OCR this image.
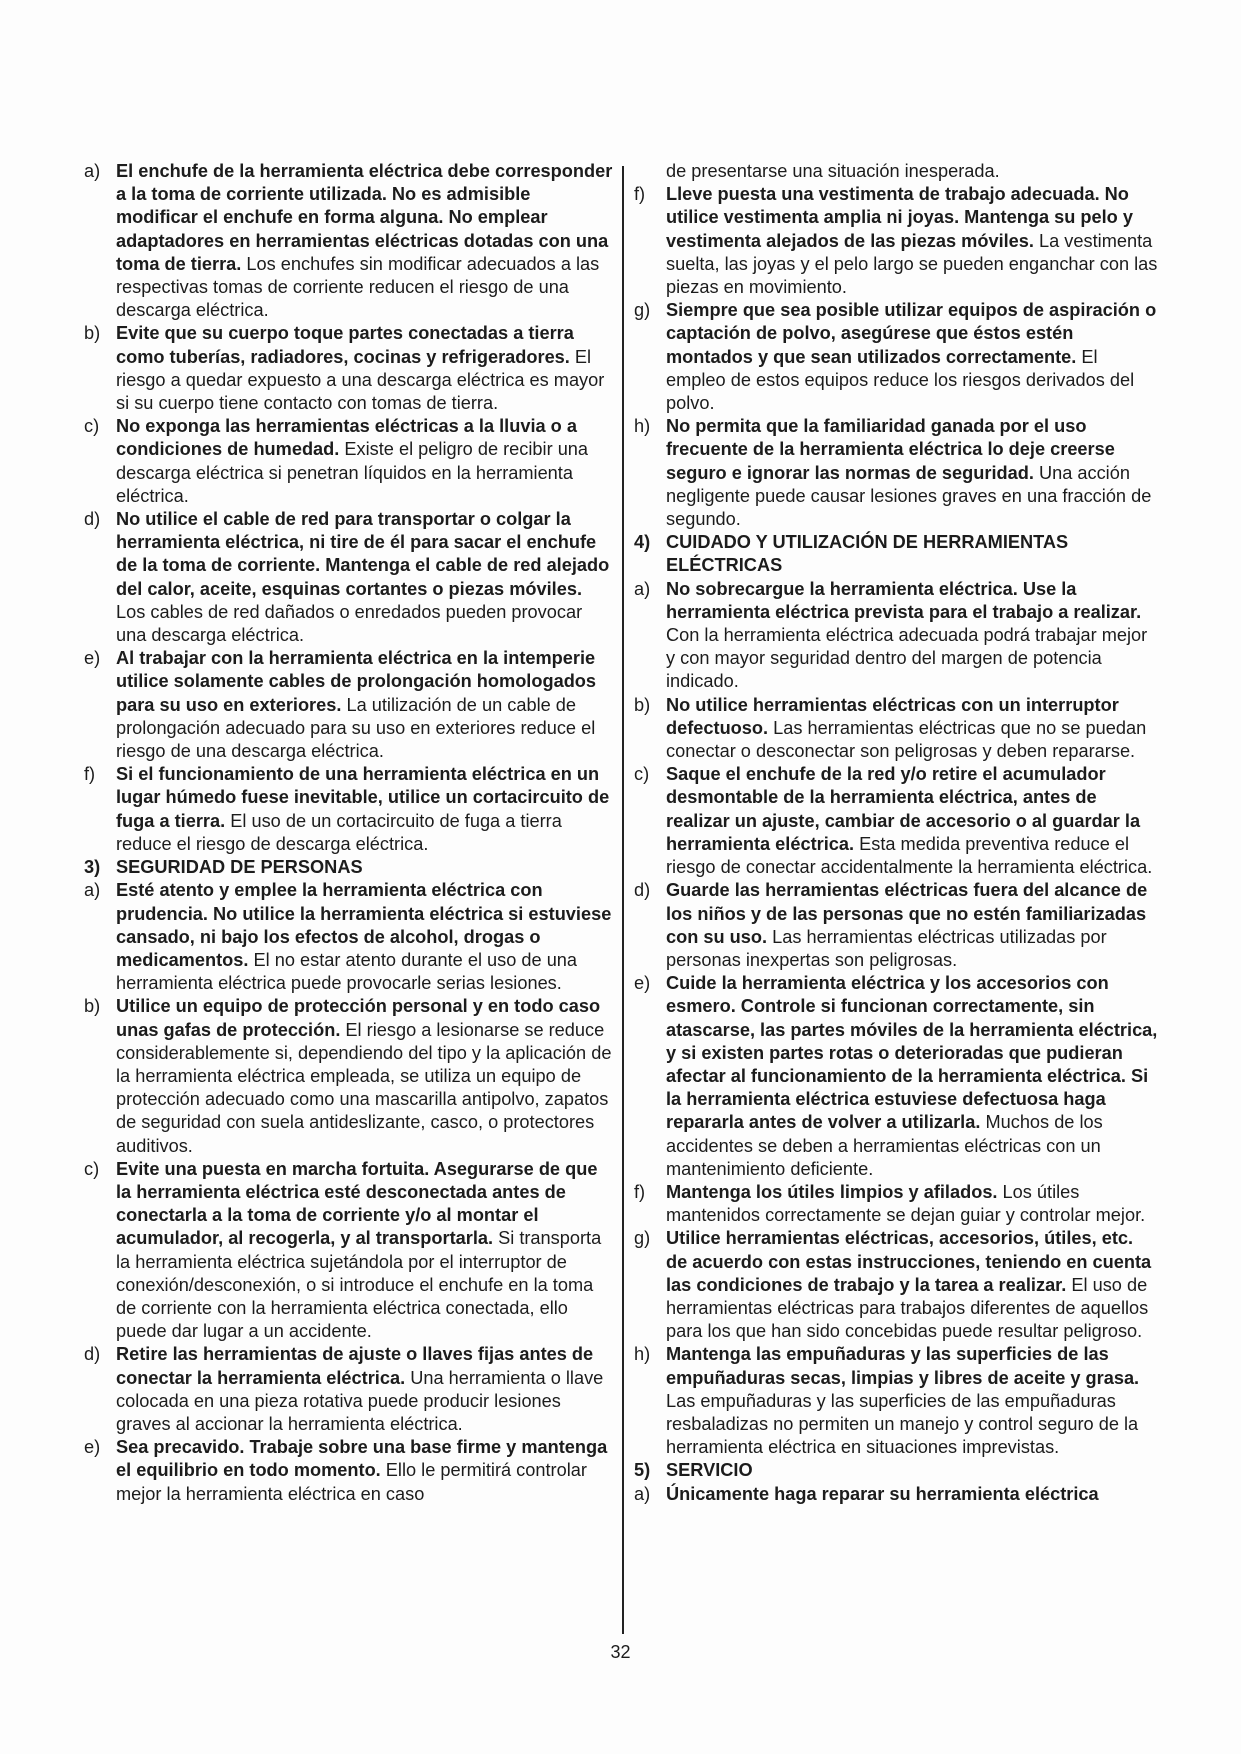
a) El enchufe de la herramienta eléctrica debe corresponder a la toma de corriente utilizada. No es admisible modificar el enchufe en forma alguna. No emplear adaptadores en herramientas eléctricas dotadas con una toma de tierra. Los enchufes sin modificar adecuados a las respectivas tomas de corriente reducen el riesgo de una descarga eléctrica.
b) Evite que su cuerpo toque partes conectadas a tierra como tuberías, radiadores, cocinas y refrigeradores. El riesgo a quedar expuesto a una descarga eléctrica es mayor si su cuerpo tiene contacto con tomas de tierra.
c) No exponga las herramientas eléctricas a la lluvia o a condiciones de humedad. Existe el peligro de recibir una descarga eléctrica si penetran líquidos en la herramienta eléctrica.
d) No utilice el cable de red para transportar o colgar la herramienta eléctrica, ni tire de él para sacar el enchufe de la toma de corriente. Mantenga el cable de red alejado del calor, aceite, esquinas cortantes o piezas móviles. Los cables de red dañados o enredados pueden provocar una descarga eléctrica.
e) Al trabajar con la herramienta eléctrica en la intemperie utilice solamente cables de prolongación homologados para su uso en exteriores. La utilización de un cable de prolongación adecuado para su uso en exteriores reduce el riesgo de una descarga eléctrica.
f) Si el funcionamiento de una herramienta eléctrica en un lugar húmedo fuese inevitable, utilice un cortacircuito de fuga a tierra. El uso de un cortacircuito de fuga a tierra reduce el riesgo de descarga eléctrica.
3) SEGURIDAD DE PERSONAS
a) Esté atento y emplee la herramienta eléctrica con prudencia. No utilice la herramienta eléctrica si estuviese cansado, ni bajo los efectos de alcohol, drogas o medicamentos. El no estar atento durante el uso de una herramienta eléctrica puede provocarle serias lesiones.
b) Utilice un equipo de protección personal y en todo caso unas gafas de protección. El riesgo a lesionarse se reduce considerablemente si, dependiendo del tipo y la aplicación de la herramienta eléctrica empleada, se utiliza un equipo de protección adecuado como una mascarilla antipolvo, zapatos de seguridad con suela antideslizante, casco, o protectores auditivos.
c) Evite una puesta en marcha fortuita. Asegurarse de que la herramienta eléctrica esté desconectada antes de conectarla a la toma de corriente y/o al montar el acumulador, al recogerla, y al transportarla. Si transporta la herramienta eléctrica sujetándola por el interruptor de conexión/desconexión, o si introduce el enchufe en la toma de corriente con la herramienta eléctrica conectada, ello puede dar lugar a un accidente.
d) Retire las herramientas de ajuste o llaves fijas antes de conectar la herramienta eléctrica. Una herramienta o llave colocada en una pieza rotativa puede producir lesiones graves al accionar la herramienta eléctrica.
e) Sea precavido. Trabaje sobre una base firme y mantenga el equilibrio en todo momento. Ello le permitirá controlar mejor la herramienta eléctrica en caso
de presentarse una situación inesperada.
f) Lleve puesta una vestimenta de trabajo adecuada. No utilice vestimenta amplia ni joyas. Mantenga su pelo y vestimenta alejados de las piezas móviles. La vestimenta suelta, las joyas y el pelo largo se pueden enganchar con las piezas en movimiento.
g) Siempre que sea posible utilizar equipos de aspiración o captación de polvo, asegúrese que éstos estén montados y que sean utilizados correctamente. El empleo de estos equipos reduce los riesgos derivados del polvo.
h) No permita que la familiaridad ganada por el uso frecuente de la herramienta eléctrica lo deje creerse seguro e ignorar las normas de seguridad. Una acción negligente puede causar lesiones graves en una fracción de segundo.
4) CUIDADO Y UTILIZACIÓN DE HERRAMIENTAS ELÉCTRICAS
a) No sobrecargue la herramienta eléctrica. Use la herramienta eléctrica prevista para el trabajo a realizar. Con la herramienta eléctrica adecuada podrá trabajar mejor y con mayor seguridad dentro del margen de potencia indicado.
b) No utilice herramientas eléctricas con un interruptor defectuoso. Las herramientas eléctricas que no se puedan conectar o desconectar son peligrosas y deben repararse.
c) Saque el enchufe de la red y/o retire el acumulador desmontable de la herramienta eléctrica, antes de realizar un ajuste, cambiar de accesorio o al guardar la herramienta eléctrica. Esta medida preventiva reduce el riesgo de conectar accidentalmente la herramienta eléctrica.
d) Guarde las herramientas eléctricas fuera del alcance de los niños y de las personas que no estén familiarizadas con su uso. Las herramientas eléctricas utilizadas por personas inexpertas son peligrosas.
e) Cuide la herramienta eléctrica y los accesorios con esmero. Controle si funcionan correctamente, sin atascarse, las partes móviles de la herramienta eléctrica, y si existen partes rotas o deterioradas que pudieran afectar al funcionamiento de la herramienta eléctrica. Si la herramienta eléctrica estuviese defectuosa haga repararla antes de volver a utilizarla. Muchos de los accidentes se deben a herramientas eléctricas con un mantenimiento deficiente.
f) Mantenga los útiles limpios y afilados. Los útiles mantenidos correctamente se dejan guiar y controlar mejor.
g) Utilice herramientas eléctricas, accesorios, útiles, etc. de acuerdo con estas instrucciones, teniendo en cuenta las condiciones de trabajo y la tarea a realizar. El uso de herramientas eléctricas para trabajos diferentes de aquellos para los que han sido concebidas puede resultar peligroso.
h) Mantenga las empuñaduras y las superficies de las empuñaduras secas, limpias y libres de aceite y grasa. Las empuñaduras y las superficies de las empuñaduras resbaladizas no permiten un manejo y control seguro de la herramienta eléctrica en situaciones imprevistas.
5) SERVICIO
a) Únicamente haga reparar su herramienta eléctrica
32
